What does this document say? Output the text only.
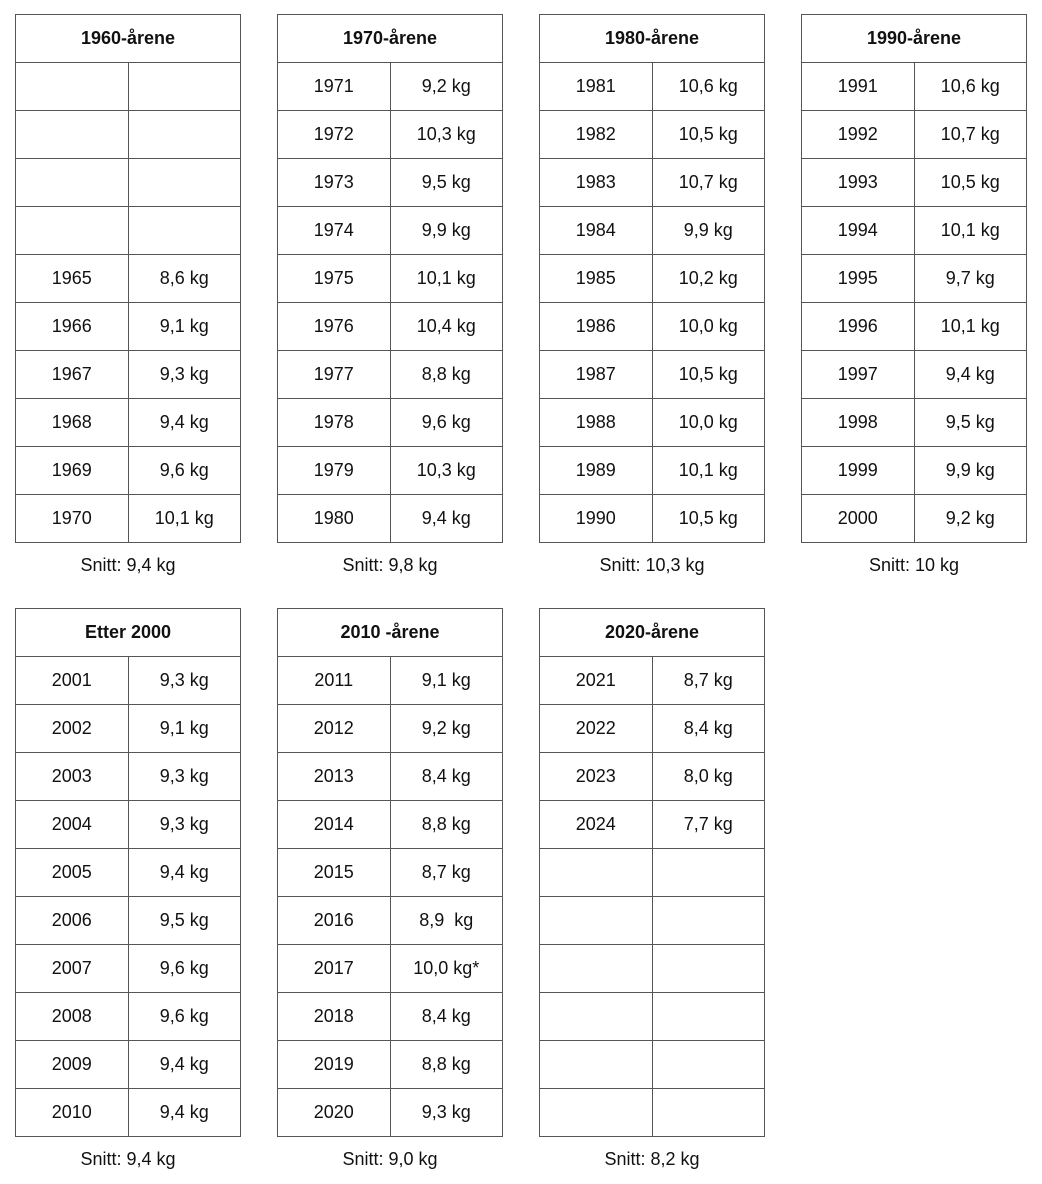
1960-årene	

1965	8,6 kg
1966	9,1 kg
1967	9,3 kg
1968	9,4 kg
1969	9,6 kg
1970	10,1 kg
Snitt: 9,4 kg
1970-årene	
1971	9,2 kg
1972	10,3 kg
1973	9,5 kg
1974	9,9 kg
1975	10,1 kg
1976	10,4 kg
1977	8,8 kg
1978	9,6 kg
1979	10,3 kg
1980	9,4 kg
Snitt: 9,8 kg
1980-årene	
1981	10,6 kg
1982	10,5 kg
1983	10,7 kg
1984	9,9 kg
1985	10,2 kg
1986	10,0 kg
1987	10,5 kg
1988	10,0 kg
1989	10,1 kg
1990	10,5 kg
Snitt: 10,3 kg
1990-årene	
1991	10,6 kg
1992	10,7 kg
1993	10,5 kg
1994	10,1 kg
1995	9,7 kg
1996	10,1 kg
1997	9,4 kg
1998	9,5 kg
1999	9,9 kg
2000	9,2 kg
Snitt: 10 kg
Etter 2000	
2001	9,3 kg
2002	9,1 kg
2003	9,3 kg
2004	9,3 kg
2005	9,4 kg
2006	9,5 kg
2007	9,6 kg
2008	9,6 kg
2009	9,4 kg
2010	9,4 kg
Snitt: 9,4 kg
2010 -årene	
2011	9,1 kg
2012	9,2 kg
2013	8,4 kg
2014	8,8 kg
2015	8,7 kg
2016	8,9  kg
2017	10,0 kg*
2018	8,4 kg
2019	8,8 kg
2020	9,3 kg
Snitt: 9,0 kg
2020-årene	
2021	8,7 kg
2022	8,4 kg
2023	8,0 kg
2024	7,7 kg

Snitt: 8,2 kg
